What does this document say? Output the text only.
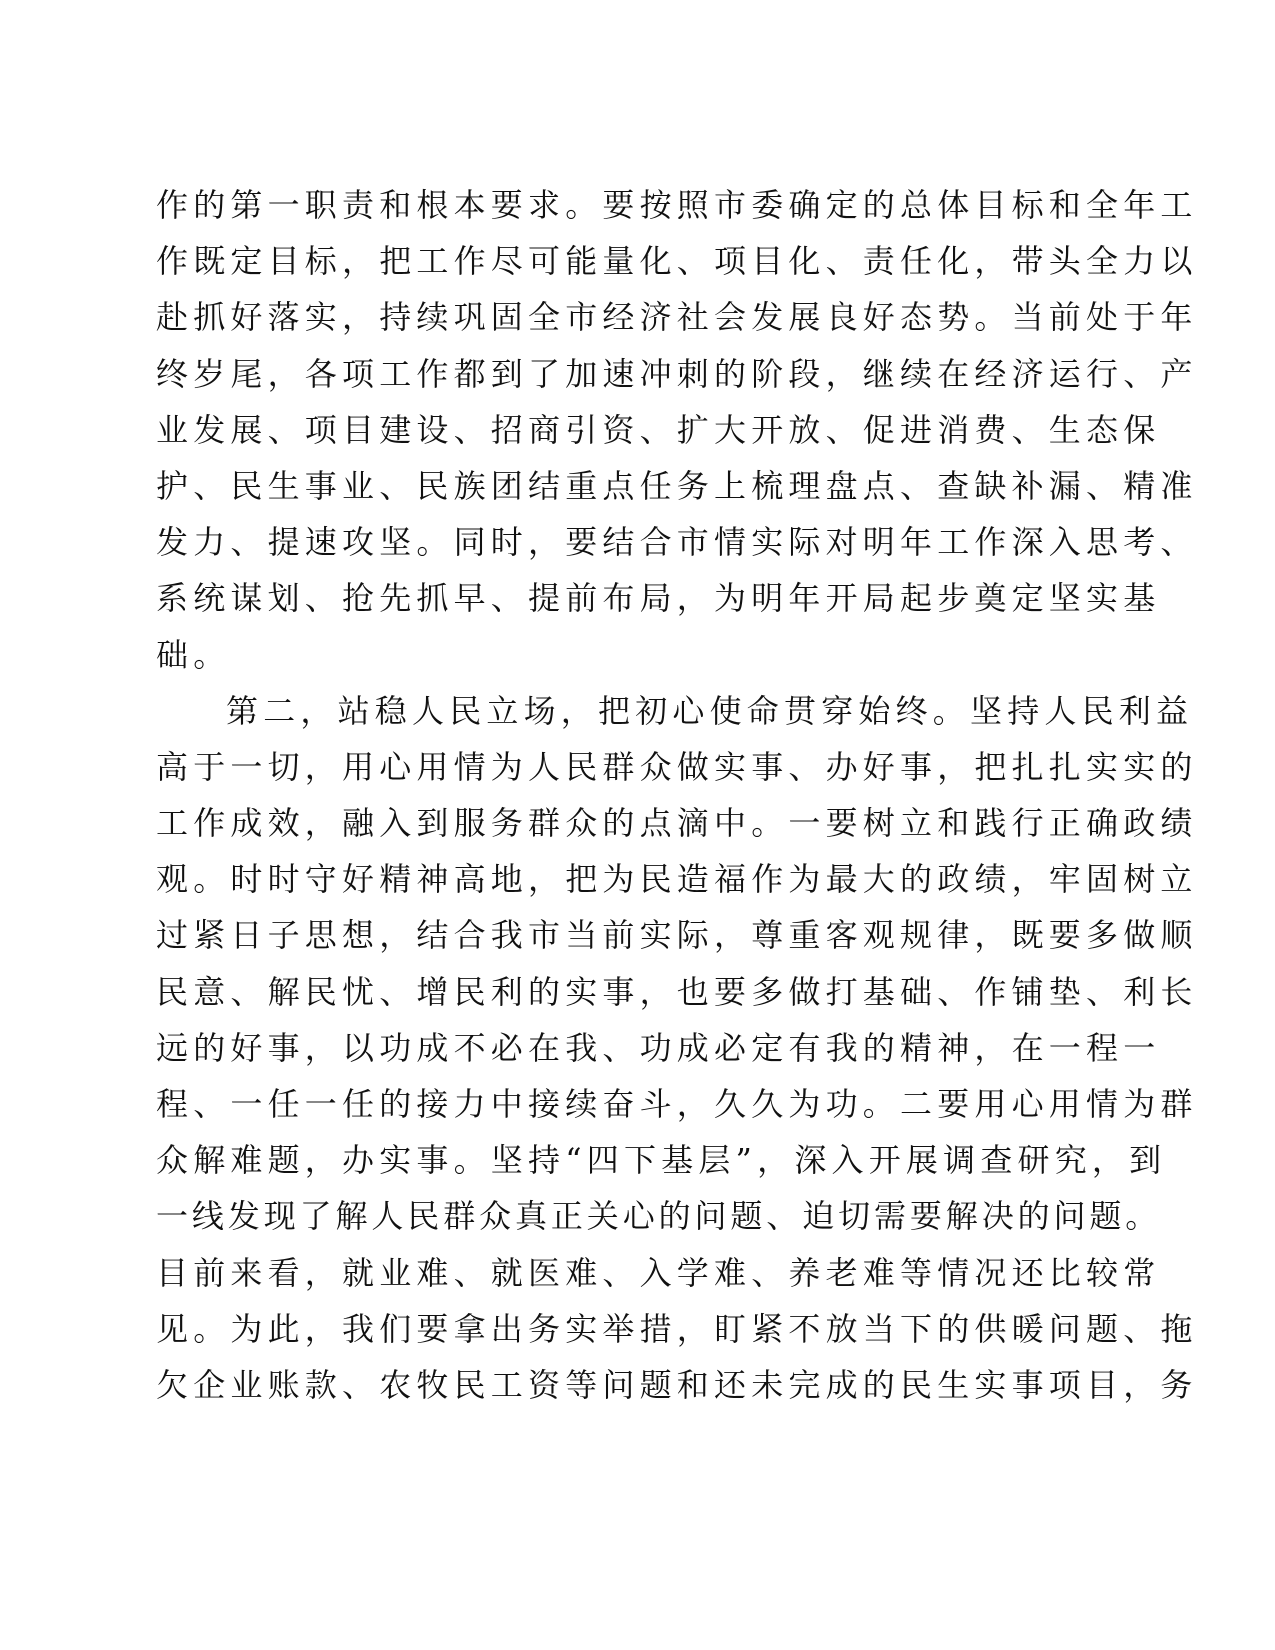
作的第一职责和根本要求。要按照市委确定的总体目标和全年工

作既定目标，把工作尽可能量化、项目化、责任化，带头全力以

赴抓好落实，持续巩固全市经济社会发展良好态势。当前处于年

终岁尾，各项工作都到了加速冲刺的阶段，继续在经济运行、产

业发展、项目建设、招商引资、扩大开放、促进消费、生态保

护、民生事业、民族团结重点任务上梳理盘点、查缺补漏、精准

发力、提速攻坚。同时，要结合市情实际对明年工作深入思考、

系统谋划、抢先抓早、提前布局，为明年开局起步奠定坚实基

础。

第二，站稳人民立场，把初心使命贯穿始终。坚持人民利益

高于一切，用心用情为人民群众做实事、办好事，把扎扎实实的

工作成效，融入到服务群众的点滴中。一要树立和践行正确政绩

观。时时守好精神高地，把为民造福作为最大的政绩，牢固树立

过紧日子思想，结合我市当前实际，尊重客观规律，既要多做顺

民意、解民忧、增民利的实事，也要多做打基础、作铺垫、利长

远的好事，以功成不必在我、功成必定有我的精神，在一程一

程、一任一任的接力中接续奋斗，久久为功。二要用心用情为群

众解难题，办实事。坚持“四下基层”，深入开展调查研究，到

一线发现了解人民群众真正关心的问题、迫切需要解决的问题。

目前来看，就业难、就医难、入学难、养老难等情况还比较常

见。为此，我们要拿出务实举措，盯紧不放当下的供暖问题、拖

欠企业账款、农牧民工资等问题和还未完成的民生实事项目，务
